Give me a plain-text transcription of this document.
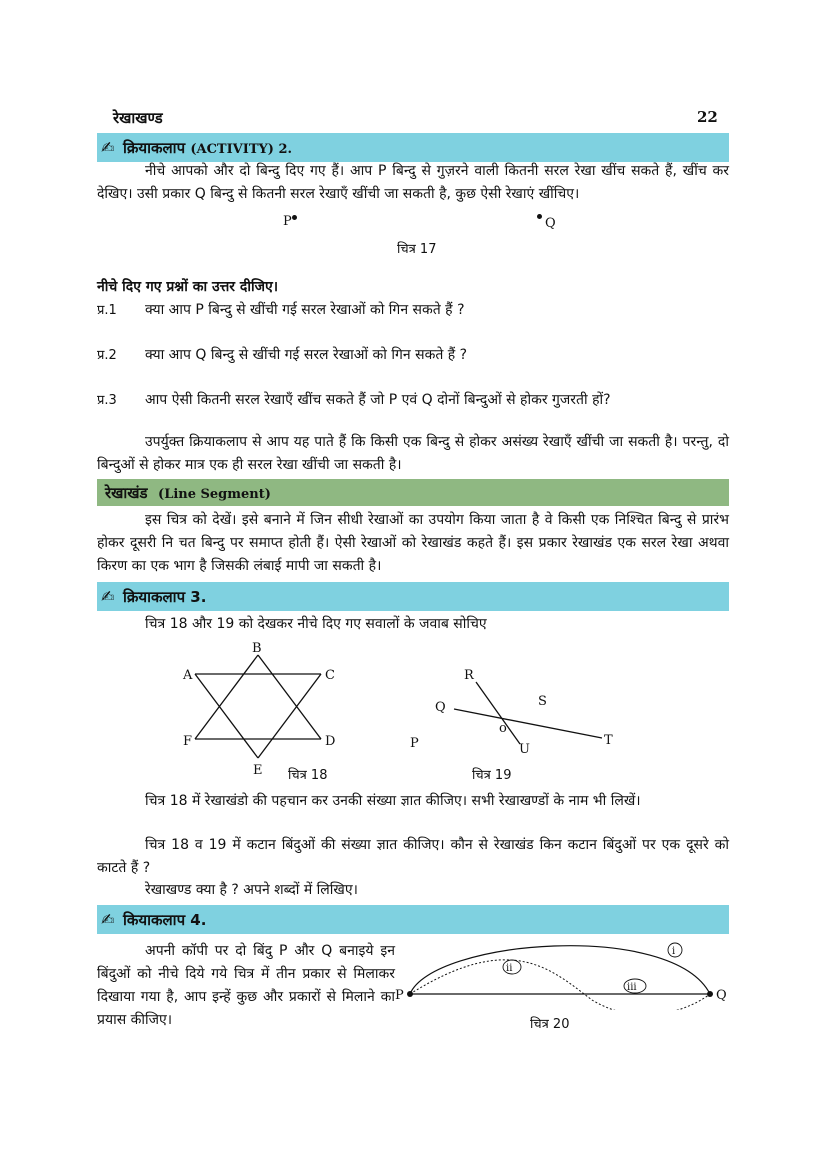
रेखाखण्ड	22
✍ क्रियाकलाप (ACTIVITY) 2.
नीचे आपको और दो बिन्दु दिए गए हैं। आप P बिन्दु से गुज़रने वाली कितनी सरल रेखा खींच सकते हैं, खींच कर देखिए। उसी प्रकार Q बिन्दु से कितनी सरल रेखाएँ खींची जा सकती है, कुछ ऐसी रेखाएं खींचिए।
P	Q
चित्र 17
नीचे दिए गए प्रश्नों का उत्तर दीजिए।
प्र.1 क्या आप P बिन्दु से खींची गई सरल रेखाओं को गिन सकते हैं ?
प्र.2 क्या आप Q बिन्दु से खींची गई सरल रेखाओं को गिन सकते हैं ?
प्र.3 आप ऐसी कितनी सरल रेखाएँ खींच सकते हैं जो P एवं Q दोनों बिन्दुओं से होकर गुजरती हों?
उपर्युक्त क्रियाकलाप से आप यह पाते हैं कि किसी एक बिन्दु से होकर असंख्य रेखाएँ खींची जा सकती है। परन्तु, दो बिन्दुओं से होकर मात्र एक ही सरल रेखा खींची जा सकती है।
रेखाखंड (Line Segment)
इस चित्र को देखें। इसे बनाने में जिन सीधी रेखाओं का उपयोग किया जाता है वे किसी एक निश्चित बिन्दु से प्रारंभ होकर दूसरी नि चत बिन्दु पर समाप्त होती हैं। ऐसी रेखाओं को रेखाखंड कहते हैं। इस प्रकार रेखाखंड एक सरल रेखा अथवा किरण का एक भाग है जिसकी लंबाई मापी जा सकती है।
✍ क्रियाकलाप 3.
चित्र 18 और 19 को देखकर नीचे दिए गए सवालों के जवाब सोचिए
A
B
C
D
E
F
चित्र 18
R
S
Q
o
P	U
T
चित्र 19
चित्र 18 में रेखाखंडो की पहचान कर उनकी संख्या ज्ञात कीजिए। सभी रेखाखण्डों के नाम भी लिखें।
चित्र 18 व 19 में कटान बिंदुओं की संख्या ज्ञात कीजिए। कौन से रेखाखंड किन कटान बिंदुओं पर एक दूसरे को काटते हैं ?
रेखाखण्ड क्या है ? अपने शब्दों में लिखिए।
✍ कियाकलाप 4.
अपनी कॉपी पर दो बिंदु P और Q बनाइये इन बिंदुओं को नीचे दिये गये चित्र में तीन प्रकार से मिलाकर दिखाया गया है, आप इन्हें कुछ और प्रकारों से मिलाने का प्रयास कीजिए।
P	Q
i
ii
iii
चित्र 20
